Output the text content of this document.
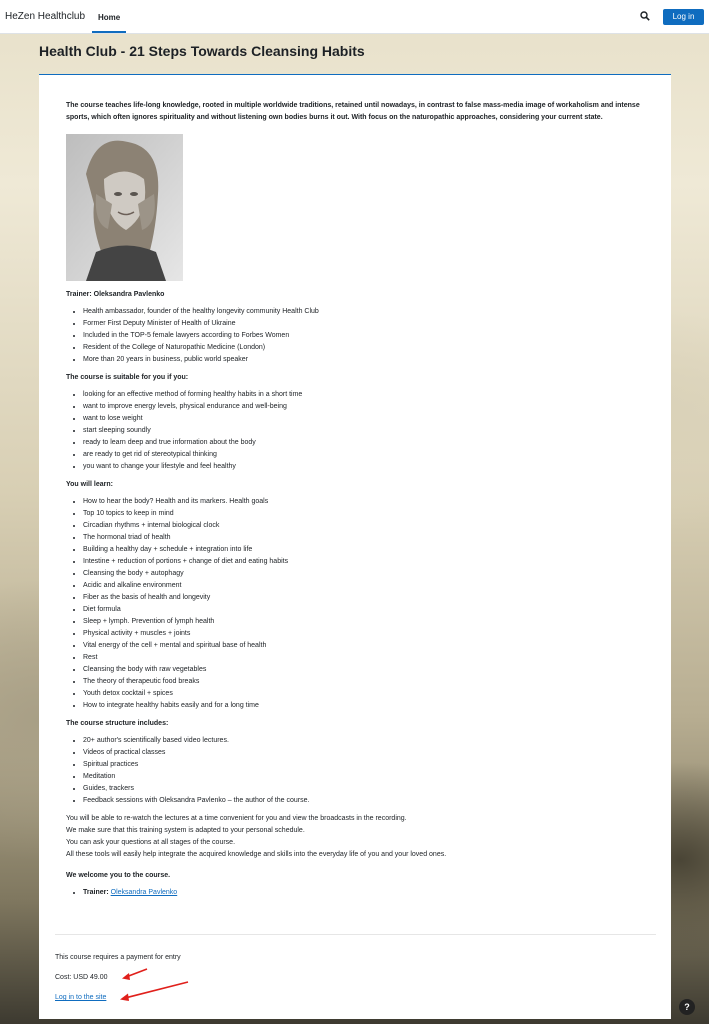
HeZen Healthclub	Home	Log in
Health Club - 21 Steps Towards Cleansing Habits

The course teaches life-long knowledge, rooted in multiple worldwide traditions, retained until nowadays, in contrast to false mass-media image of workaholism and intense sports, which often ignores spirituality and without listening own bodies burns it out. With focus on the naturopathic approaches, considering your current state.

Trainer: Oleksandra Pavlenko

• Health ambassador, founder of the healthy longevity community Health Club
• Former First Deputy Minister of Health of Ukraine
• Included in the TOP-5 female lawyers according to Forbes Women
• Resident of the College of Naturopathic Medicine (London)
• More than 20 years in business, public world speaker

The course is suitable for you if you:

• looking for an effective method of forming healthy habits in a short time
• want to improve energy levels, physical endurance and well-being
• want to lose weight
• start sleeping soundly
• ready to learn deep and true information about the body
• are ready to get rid of stereotypical thinking
• you want to change your lifestyle and feel healthy

You will learn:

• How to hear the body? Health and its markers. Health goals
• Top 10 topics to keep in mind
• Circadian rhythms + internal biological clock
• The hormonal triad of health
• Building a healthy day + schedule + integration into life
• Intestine + reduction of portions + change of diet and eating habits
• Cleansing the body + autophagy
• Acidic and alkaline environment
• Fiber as the basis of health and longevity
• Diet formula
• Sleep + lymph. Prevention of lymph health
• Physical activity + muscles + joints
• Vital energy of the cell + mental and spiritual base of health
• Rest
• Cleansing the body with raw vegetables
• The theory of therapeutic food breaks
• Youth detox cocktail + spices
• How to integrate healthy habits easily and for a long time

The course structure includes:

• 20+ author's scientifically based video lectures.
• Videos of practical classes
• Spiritual practices
• Meditation
• Guides, trackers
• Feedback sessions with Oleksandra Pavlenko – the author of the course.

You will be able to re-watch the lectures at a time convenient for you and view the broadcasts in the recording.

We make sure that this training system is adapted to your personal schedule.

You can ask your questions at all stages of the course.

All these tools will easily help integrate the acquired knowledge and skills into the everyday life of you and your loved ones.

We welcome you to the course.

• Trainer: Oleksandra Pavlenko
This course requires a payment for entry
Cost: USD 49.00
Log in to the site
?
